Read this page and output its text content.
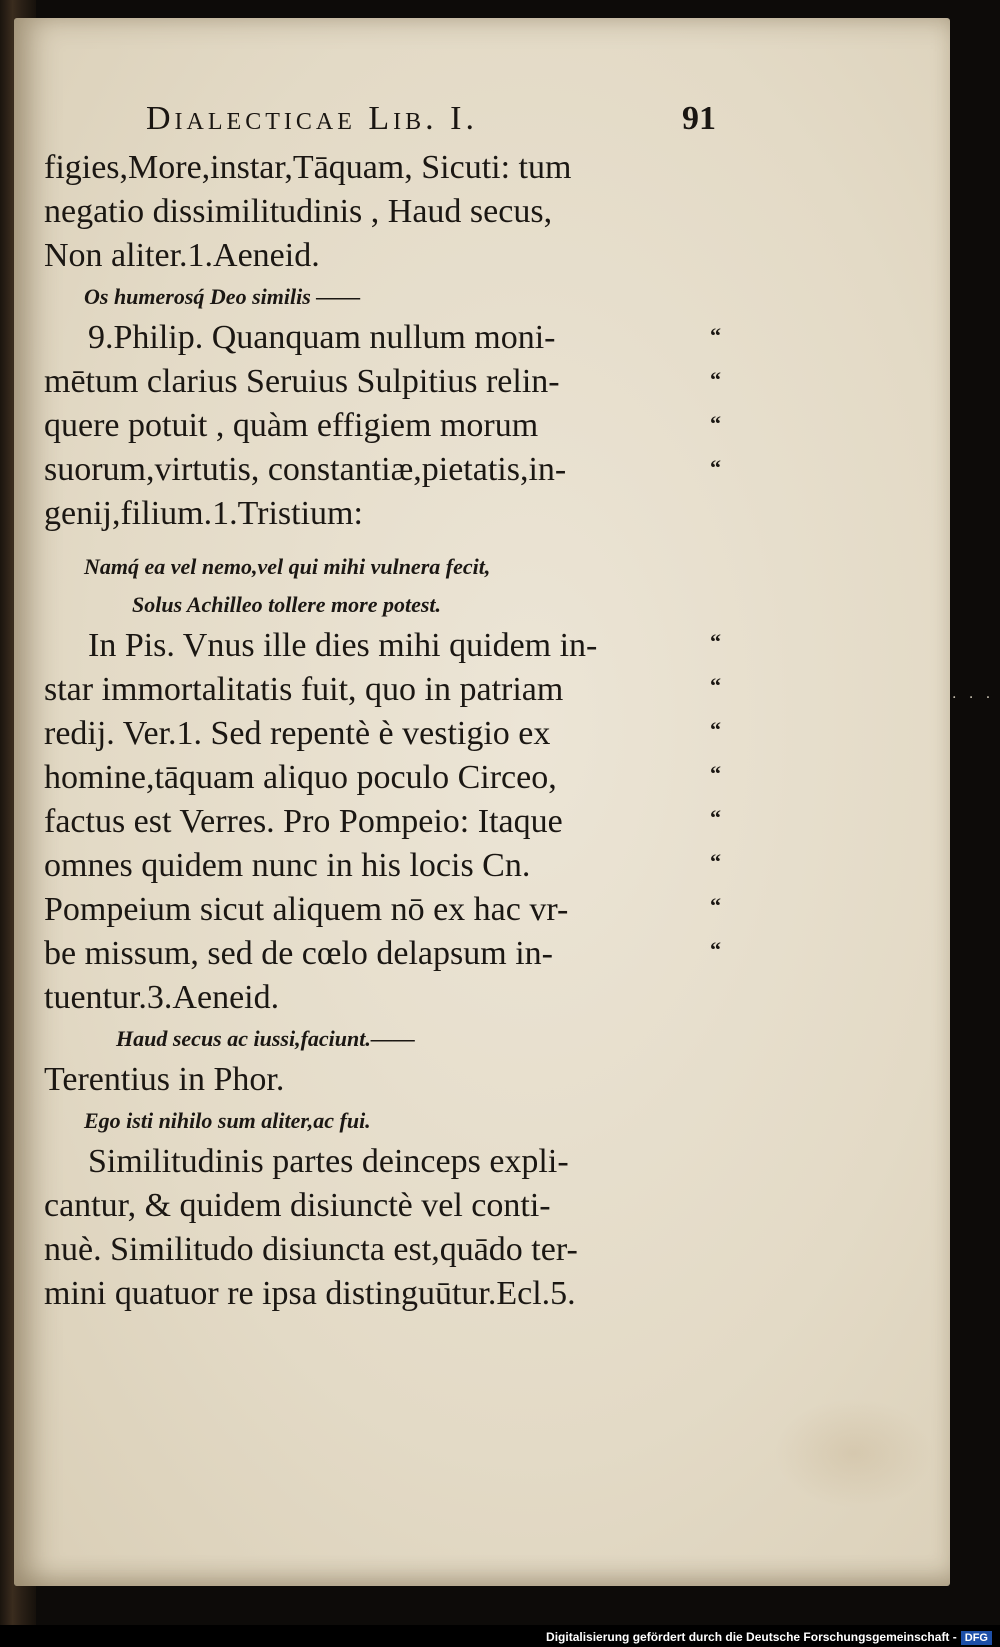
Dialecticae Lib. I.	91
figies,More,instar,Tāquam, Sicuti: tum
negatio dissimilitudinis , Haud secus,
Non aliter.1.Aeneid.
Os humerosq́ Deo similis ——
9.Philip. Quanquam nullum moni-
mētum clarius Seruius Sulpitius relin-
quere potuit , quàm effigiem morum
suorum,virtutis, constantiæ,pietatis,in-
genij,filium.1.Tristium:
Namq́ ea vel nemo,vel qui mihi vulnera fecit,
Solus Achilleo tollere more potest.
In Pis. Vnus ille dies mihi quidem in-
star immortalitatis fuit, quo in patriam
redij. Ver.1. Sed repentè è vestigio ex
homine,tāquam aliquo poculo Circeo,
factus est Verres. Pro Pompeio: Itaque
omnes quidem nunc in his locis Cn.
Pompeium sicut aliquem nō ex hac vr-
be missum, sed de cœlo delapsum in-
tuentur.3.Aeneid.
Haud secus ac iussi,faciunt.——
Terentius in Phor.
Ego isti nihilo sum aliter,ac fui.
Similitudinis partes deinceps expli-
cantur, & quidem disiunctè vel conti-
nuè. Similitudo disiuncta est,quādo ter-
mini quatuor re ipsa distinguūtur.Ecl.5.
“
“
“
“
“
“
“
“
“
“
“
“
. . .
Digitalisierung gefördert durch die Deutsche Forschungsgemeinschaft - DFG
